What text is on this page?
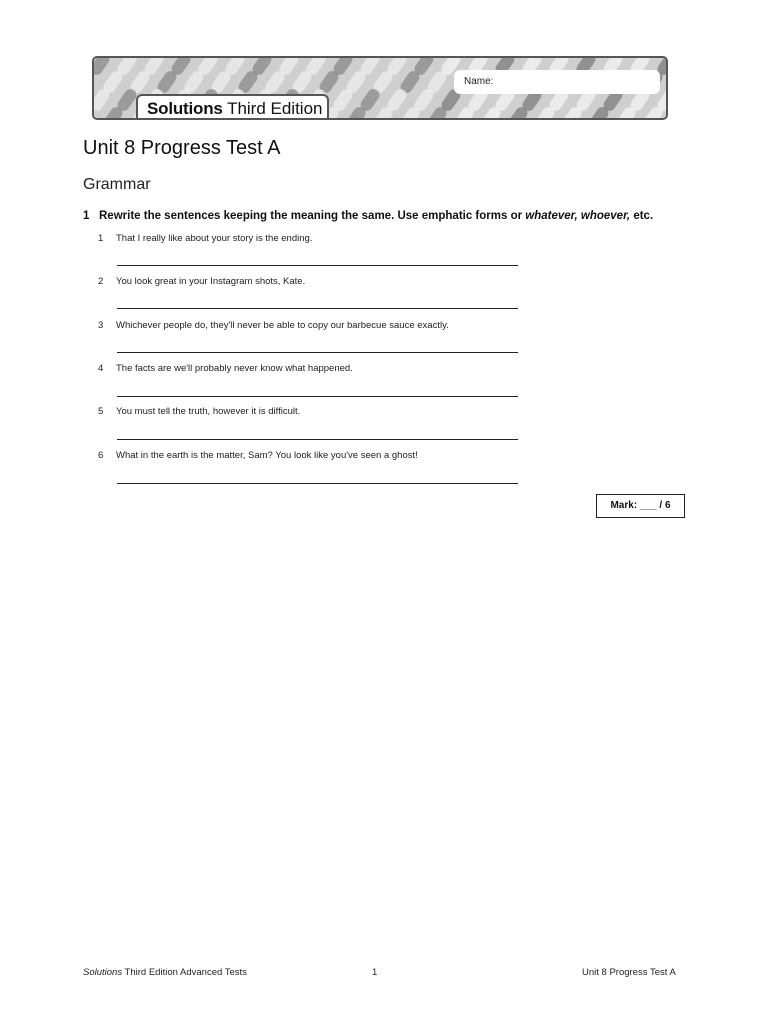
Solutions Third Edition
Name:
Unit 8 Progress Test A
Grammar
1 Rewrite the sentences keeping the meaning the same. Use emphatic forms or whatever, whoever, etc.
1 That I really like about your story is the ending.
2 You look great in your Instagram shots, Kate.
3 Whichever people do, they'll never be able to copy our barbecue sauce exactly.
4 The facts are we'll probably never know what happened.
5 You must tell the truth, however it is difficult.
6 What in the earth is the matter, Sam? You look like you've seen a ghost!
Mark: ___ / 6
Solutions Third Edition Advanced Tests	1	Unit 8 Progress Test A
